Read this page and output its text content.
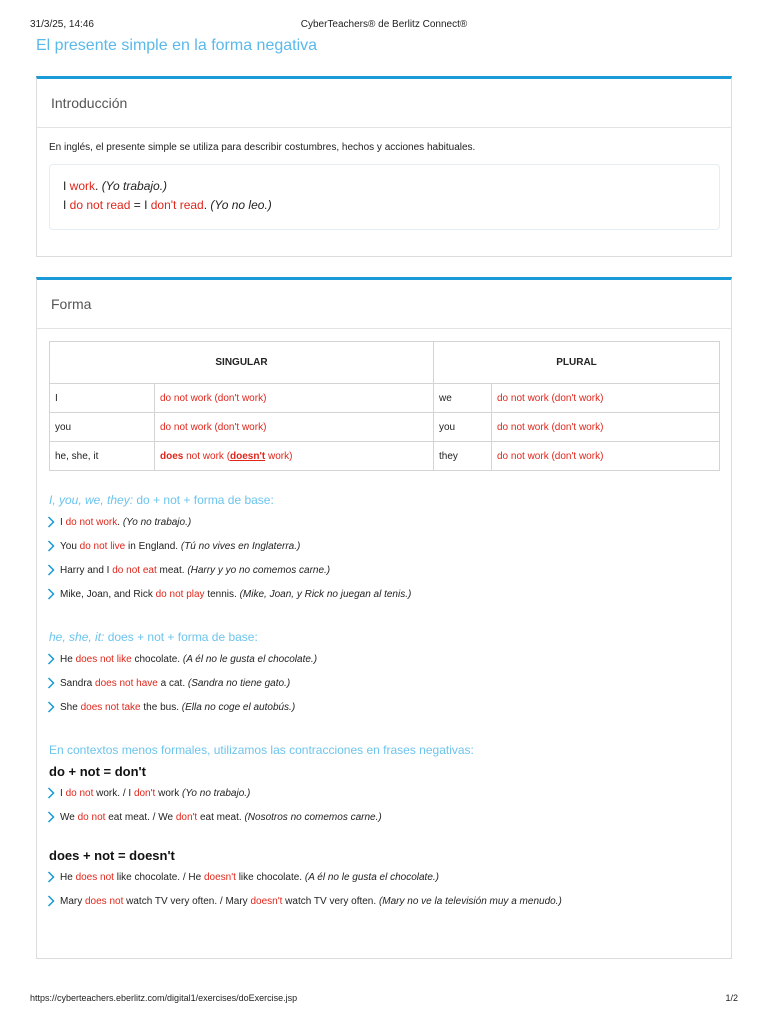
31/3/25, 14:46	CyberTeachers® de Berlitz Connect®
El presente simple en la forma negativa
Introducción
En inglés, el presente simple se utiliza para describir costumbres, hechos y acciones habituales.
I work. (Yo trabajo.)
I do not read = I don't read. (Yo no leo.)
Forma
SINGULAR		PLURAL	
I	do not work (don't work)	we	do not work (don't work)
you	do not work (don't work)	you	do not work (don't work)
he, she, it	does not work (doesn't work)	they	do not work (don't work)

I, you, we, they: do + not + forma de base:

I do not work. (Yo no trabajo.)
You do not live in England. (Tú no vives en Inglaterra.)
Harry and I do not eat meat. (Harry y yo no comemos carne.)
Mike, Joan, and Rick do not play tennis. (Mike, Joan, y Rick no juegan al tenis.)

he, she, it: does + not + forma de base:

He does not like chocolate. (A él no le gusta el chocolate.)
Sandra does not have a cat. (Sandra no tiene gato.)
She does not take the bus. (Ella no coge el autobús.)

En contextos menos formales, utilizamos las contracciones en frases negativas:

do + not = don't

I do not work. / I don't work (Yo no trabajo.)
We do not eat meat. / We don't eat meat. (Nosotros no comemos carne.)

does + not = doesn't

He does not like chocolate. / He doesn't like chocolate. (A él no le gusta el chocolate.)
Mary does not watch TV very often. / Mary doesn't watch TV very often. (Mary no ve la televisión muy a menudo.)
https://cyberteachers.eberlitz.com/digital1/exercises/doExercise.jsp	1/2
